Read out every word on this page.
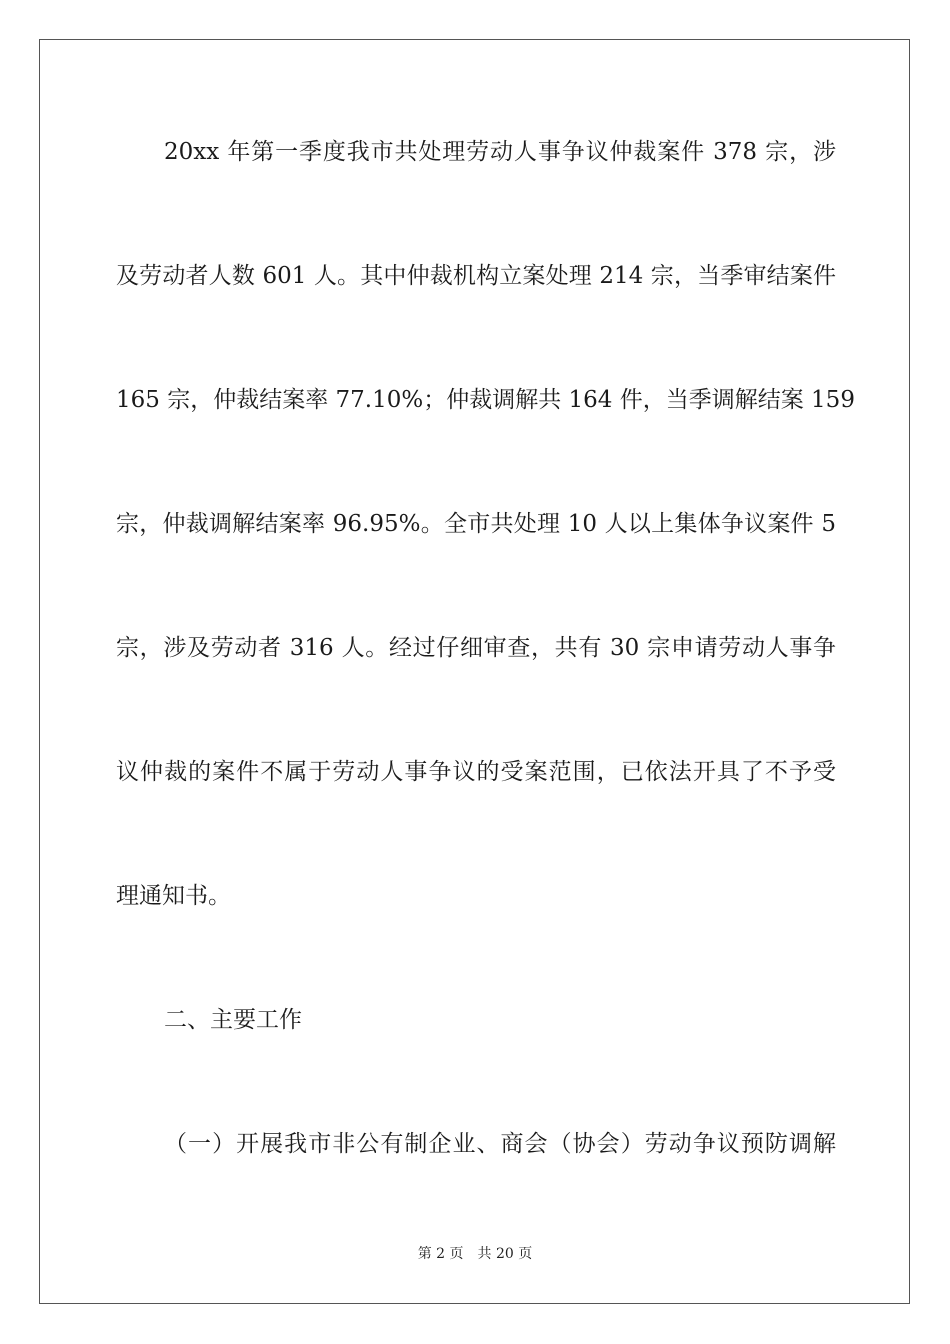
20xx 年第一季度我市共处理劳动人事争议仲裁案件 378 宗，涉
及劳动者人数 601 人。其中仲裁机构立案处理 214 宗，当季审结案件
165 宗，仲裁结案率 77.10%；仲裁调解共 164 件，当季调解结案 159
宗，仲裁调解结案率 96.95%。全市共处理 10 人以上集体争议案件 5
宗，涉及劳动者 316 人。经过仔细审查，共有 30 宗申请劳动人事争
议仲裁的案件不属于劳动人事争议的受案范围，已依法开具了不予受
理通知书。
二、主要工作
（一）开展我市非公有制企业、商会（协会）劳动争议预防调解
第 2 页 共 20 页
